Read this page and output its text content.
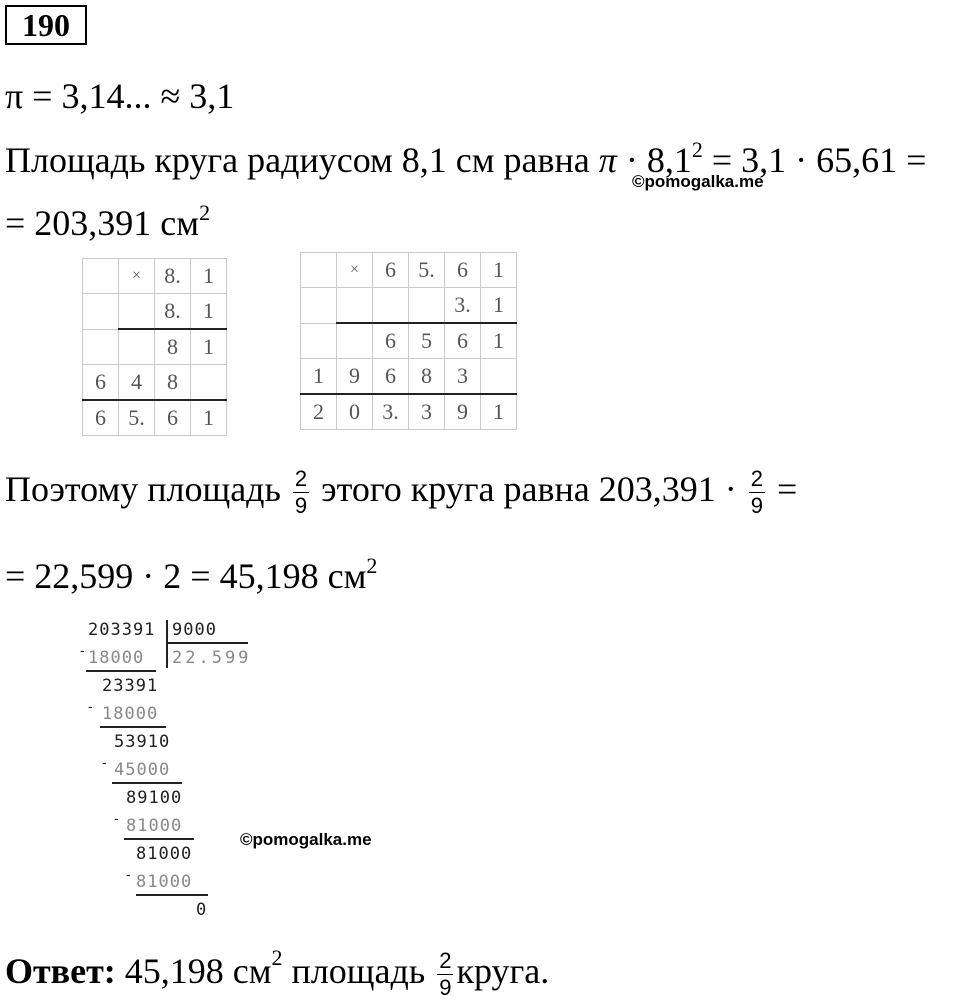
190
π = 3,14... ≈ 3,1
Площадь круга радиусом 8,1 см равна $\pi \cdot 8,1^2 = 3,1 \cdot 65,61$ =
©pomogalka.me
= 203,391 $см^2$
	×	8.	1
		8.	1
		8	1
6	4	8	
6	5.	6	1
	×	6	5.	6	1
				3.	1
		6	5	6	1
1	9	6	8	3	
2	0	3.	3	9	1
Поэтому площадь $\frac{2}{9}$ этого круга равна $203,391 \cdot \frac{2}{9}$ =
= 22,599 · 2 = 45,198 $см^2$
203391 9000
22.599
- 18000
23391
- 18000
53910
- 45000
89100
- 81000
81000
- 81000
0
©pomogalka.me
Ответ: 45,198 $см^2$ площадь $\frac{2}{9}$ круга.
